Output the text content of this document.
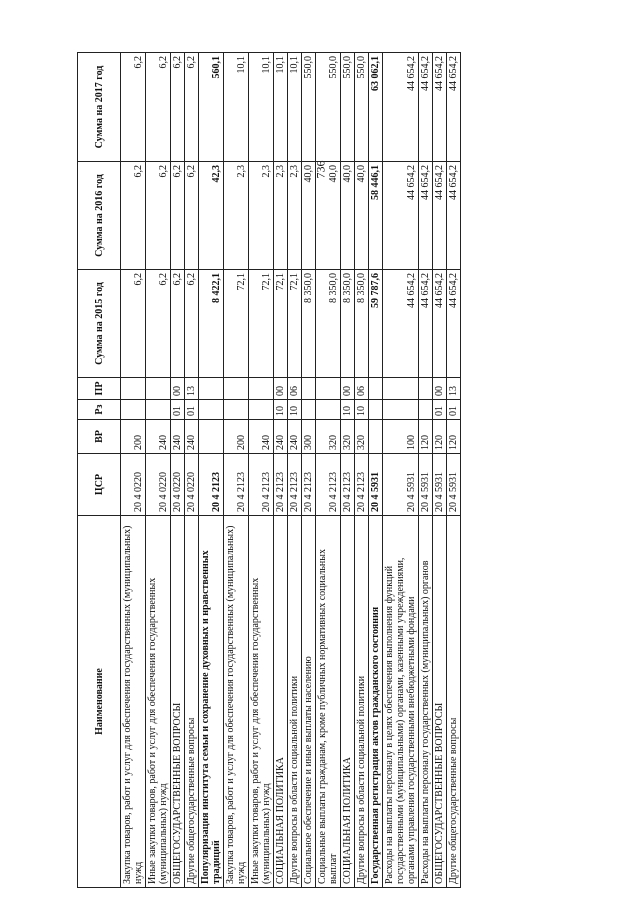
736
Наименование	ЦСР	ВР	Рз	ПР	Сумма на 2015 год	Сумма на 2016 год	Сумма на 2017 год
Закупка товаров, работ и услуг для обеспечения государственных (муниципальных) нужд	20 4 0220	200			6,2	6,2	6,2
Иные закупки товаров, работ и услуг для обеспечения государственных (муниципальных) нужд	20 4 0220	240			6,2	6,2	6,2
ОБЩЕГОСУДАРСТВЕННЫЕ ВОПРОСЫ	20 4 0220	240	01	00	6,2	6,2	6,2
Другие общегосударственные вопросы	20 4 0220	240	01	13	6,2	6,2	6,2
Популяризация института семьи и сохранение духовных и нравственных традиций	20 4 2123				8 422,1	42,3	560,1
Закупка товаров, работ и услуг для обеспечения государственных (муниципальных) нужд	20 4 2123	200			72,1	2,3	10,1
Иные закупки товаров, работ и услуг для обеспечения государственных (муниципальных) нужд	20 4 2123	240			72,1	2,3	10,1
СОЦИАЛЬНАЯ ПОЛИТИКА	20 4 2123	240	10	00	72,1	2,3	10,1
Другие вопросы в области социальной политики	20 4 2123	240	10	06	72,1	2,3	10,1
Социальное обеспечение и иные выплаты населению	20 4 2123	300			8 350,0	40,0	550,0
Социальные выплаты гражданам, кроме публичных нормативных социальных выплат	20 4 2123	320			8 350,0	40,0	550,0
СОЦИАЛЬНАЯ ПОЛИТИКА	20 4 2123	320	10	00	8 350,0	40,0	550,0
Другие вопросы в области социальной политики	20 4 2123	320	10	06	8 350,0	40,0	550,0
Государственная регистрация актов гражданского состояния	20 4 5931				59 787,6	58 446,1	63 062,1
Расходы на выплаты персоналу в целях обеспечения выполнения функций государственными (муниципальными) органами, казенными учреждениями, органами управления государственными внебюджетными фондами	20 4 5931	100			44 654,2	44 654,2	44 654,2
Расходы на выплаты персоналу государственных (муниципальных) органов	20 4 5931	120			44 654,2	44 654,2	44 654,2
ОБЩЕГОСУДАРСТВЕННЫЕ ВОПРОСЫ	20 4 5931	120	01	00	44 654,2	44 654,2	44 654,2
Другие общегосударственные вопросы	20 4 5931	120	01	13	44 654,2	44 654,2	44 654,2
